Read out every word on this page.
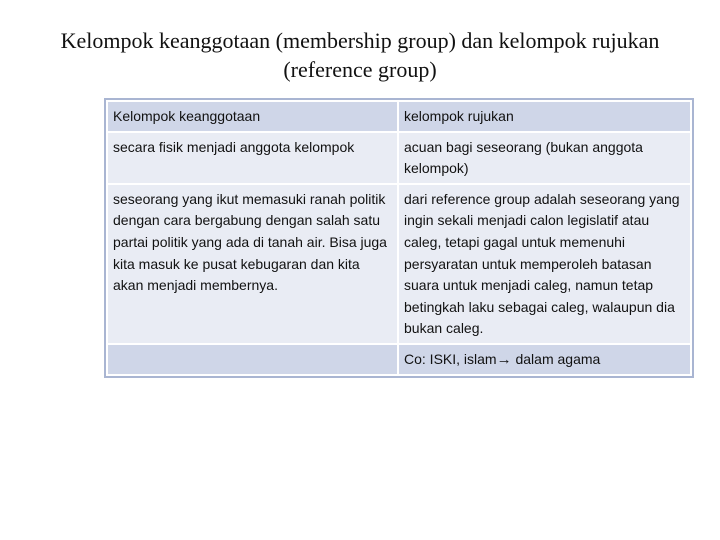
Kelompok keanggotaan (membership group) dan kelompok rujukan (reference group)
Kelompok keanggotaan	kelompok rujukan
secara fisik menjadi anggota kelompok	acuan bagi seseorang (bukan anggota kelompok)
seseorang yang ikut memasuki ranah politik dengan cara bergabung dengan salah satu partai politik yang ada di tanah air. Bisa juga kita masuk ke pusat kebugaran dan kita akan menjadi membernya.	dari reference group adalah seseorang yang ingin sekali menjadi calon legislatif atau caleg, tetapi gagal untuk memenuhi persyaratan untuk memperoleh batasan suara untuk menjadi caleg, namun tetap betingkah laku sebagai caleg, walaupun dia bukan caleg.
	Co: ISKI, islam→ dalam agama
